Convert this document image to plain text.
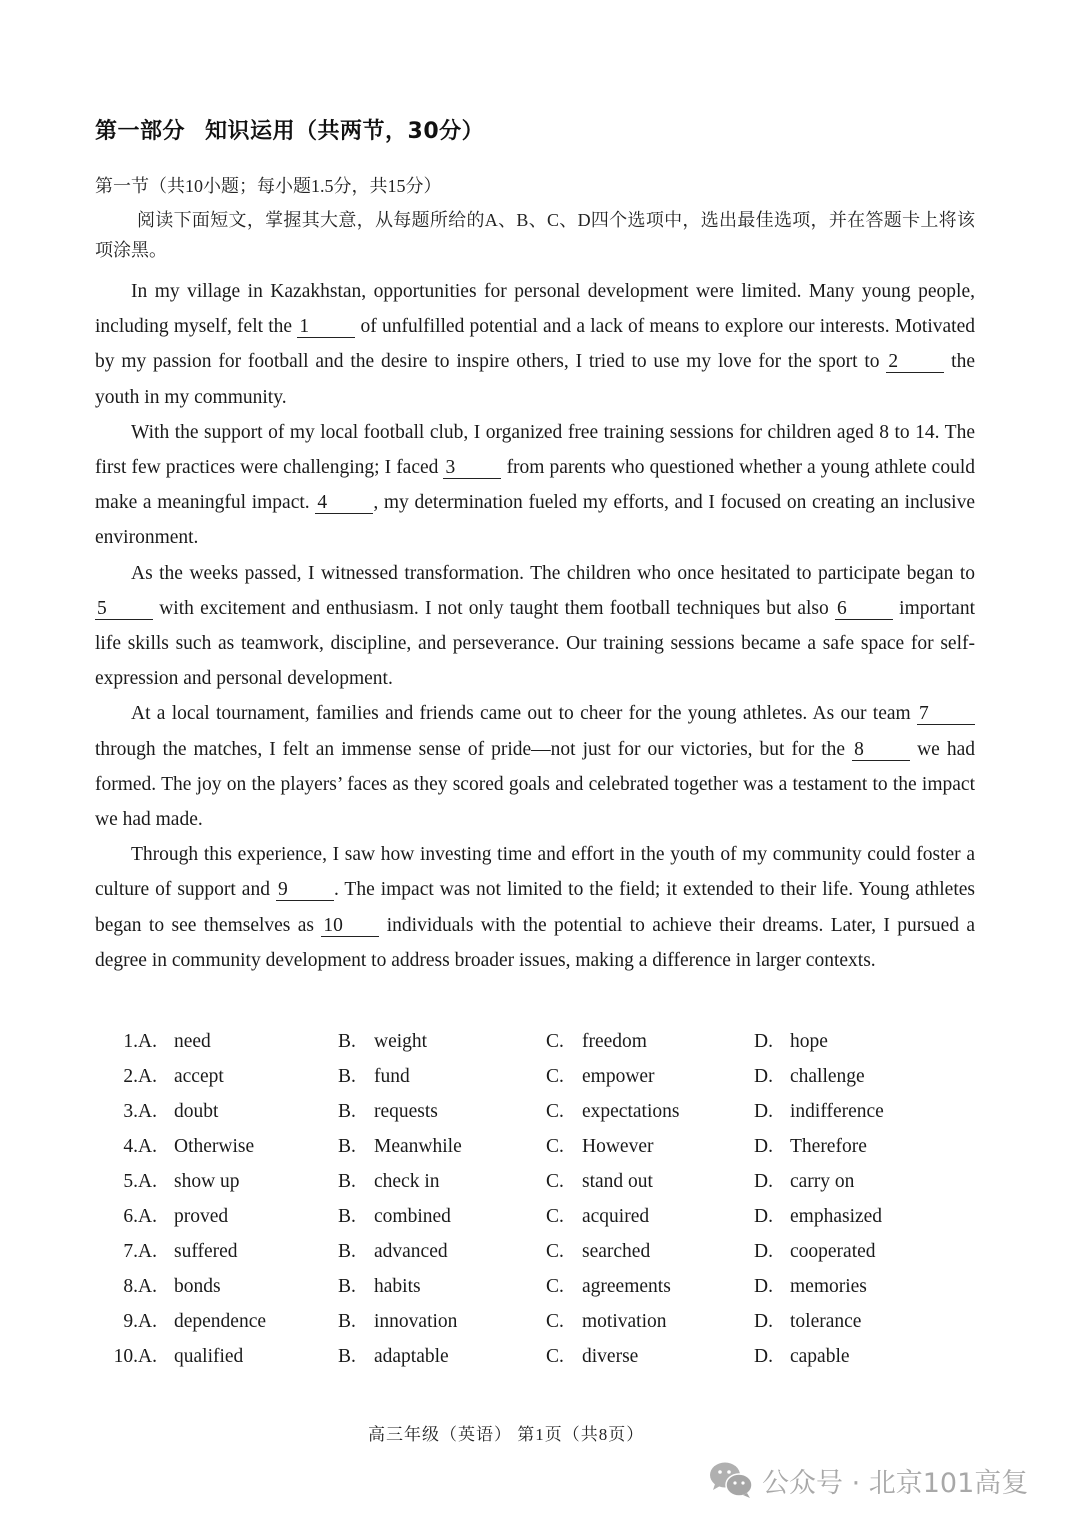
第一部分 知识运用（共两节，30分）
第一节（共10小题；每小题1.5分，共15分）
阅读下面短文，掌握其大意，从每题所给的A、B、C、D四个选项中，选出最佳选项，并在答题卡上将该项涂黑。

In my village in Kazakhstan, opportunities for personal development were limited. Many young people, including myself, felt the 1 of unfulfilled potential and a lack of means to explore our interests. Motivated by my passion for football and the desire to inspire others, I tried to use my love for the sport to 2 the youth in my community.

With the support of my local football club, I organized free training sessions for children aged 8 to 14. The first few practices were challenging; I faced 3 from parents who questioned whether a young athlete could make a meaningful impact. 4 , my determination fueled my efforts, and I focused on creating an inclusive environment.

As the weeks passed, I witnessed transformation. The children who once hesitated to participate began to 5 with excitement and enthusiasm. I not only taught them football techniques but also 6 important life skills such as teamwork, discipline, and perseverance. Our training sessions became a safe space for self-expression and personal development.

At a local tournament, families and friends came out to cheer for the young athletes. As our team 7 through the matches, I felt an immense sense of pride—not just for our victories, but for the 8 we had formed. The joy on the players’ faces as they scored goals and celebrated together was a testament to the impact we had made.

Through this experience, I saw how investing time and effort in the youth of my community could foster a culture of support and 9 . The impact was not limited to the field; it extended to their life. Young athletes began to see themselves as 10 individuals with the potential to achieve their dreams. Later, I pursued a degree in community development to address broader issues, making a difference in larger contexts.

1. A. need	B. weight	C. freedom	D. hope
2. A. accept	B. fund	C. empower	D. challenge
3. A. doubt	B. requests	C. expectations	D. indifference
4. A. Otherwise	B. Meanwhile	C. However	D. Therefore
5. A. show up	B. check in	C. stand out	D. carry on
6. A. proved	B. combined	C. acquired	D. emphasized
7. A. suffered	B. advanced	C. searched	D. cooperated
8. A. bonds	B. habits	C. agreements	D. memories
9. A. dependence	B. innovation	C. motivation	D. tolerance
10. A. qualified	B. adaptable	C. diverse	D. capable
高三年级（英语） 第1页（共8页）
公众号 · 北京101高复
